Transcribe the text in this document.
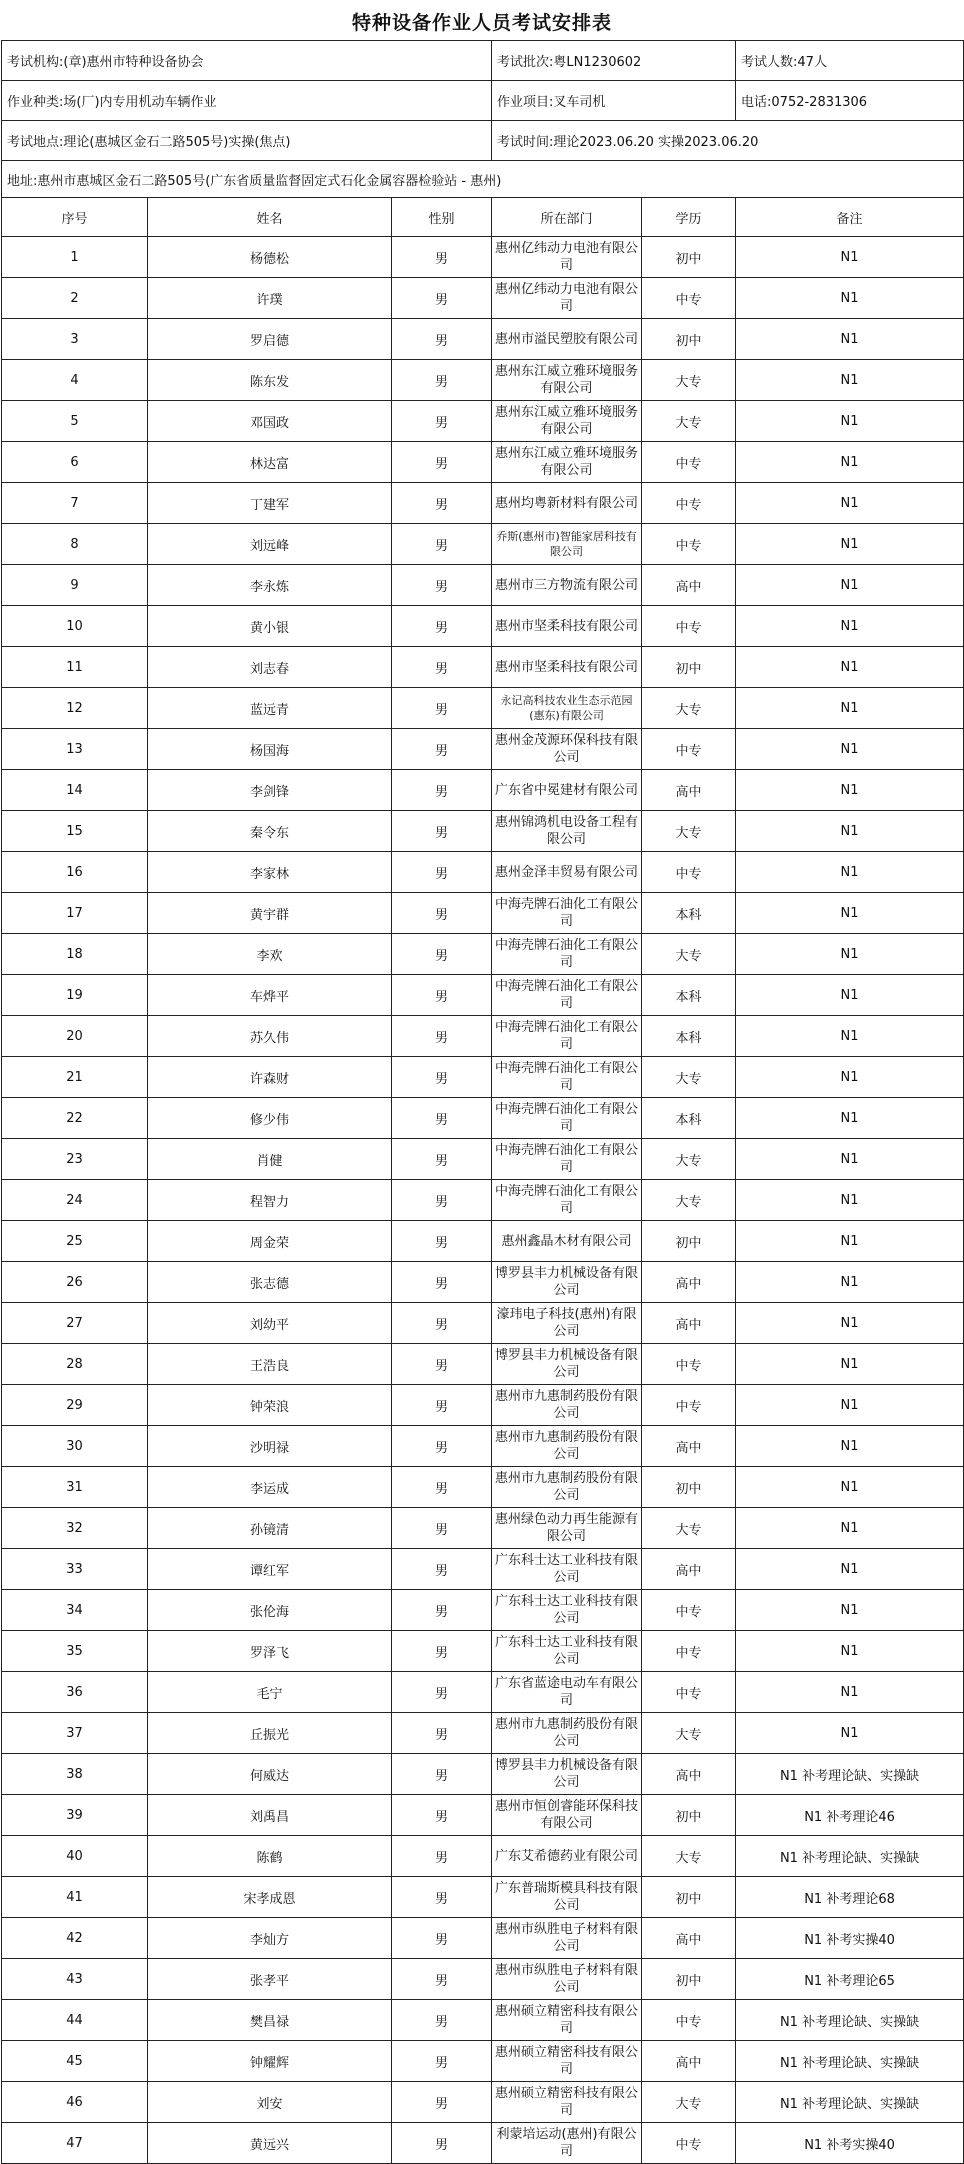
特种设备作业人员考试安排表
考试机构:(章)惠州市特种设备协会			考试批次:粤LN1230602		考试人数:47人
作业种类:场(厂)内专用机动车辆作业			作业项目:叉车司机		电话:0752-2831306
考试地点:理论(惠城区金石二路505号)实操(焦点)			考试时间:理论2023.06.20 实操2023.06.20		
地址:惠州市惠城区金石二路505号(广东省质量监督固定式石化金属容器检验站 - 惠州)					
序号	姓名	性别	所在部门	学历	备注
1	杨德松	男	惠州亿纬动力电池有限公司	初中	N1
2	许璞	男	惠州亿纬动力电池有限公司	中专	N1
3	罗启德	男	惠州市溢民塑胶有限公司	初中	N1
4	陈东发	男	惠州东江威立雅环境服务有限公司	大专	N1
5	邓国政	男	惠州东江威立雅环境服务有限公司	大专	N1
6	林达富	男	惠州东江威立雅环境服务有限公司	中专	N1
7	丁建军	男	惠州均粤新材料有限公司	中专	N1
8	刘远峰	男	乔斯(惠州市)智能家居科技有限公司	中专	N1
9	李永炼	男	惠州市三方物流有限公司	高中	N1
10	黄小银	男	惠州市坚柔科技有限公司	中专	N1
11	刘志春	男	惠州市坚柔科技有限公司	初中	N1
12	蓝远青	男	永记高科技农业生态示范园(惠东)有限公司	大专	N1
13	杨国海	男	惠州金茂源环保科技有限公司	中专	N1
14	李剑锋	男	广东省中冕建材有限公司	高中	N1
15	秦令东	男	惠州锦鸿机电设备工程有限公司	大专	N1
16	李家林	男	惠州金泽丰贸易有限公司	中专	N1
17	黄宇群	男	中海壳牌石油化工有限公司	本科	N1
18	李欢	男	中海壳牌石油化工有限公司	大专	N1
19	车烨平	男	中海壳牌石油化工有限公司	本科	N1
20	苏久伟	男	中海壳牌石油化工有限公司	本科	N1
21	许森财	男	中海壳牌石油化工有限公司	大专	N1
22	修少伟	男	中海壳牌石油化工有限公司	本科	N1
23	肖健	男	中海壳牌石油化工有限公司	大专	N1
24	程智力	男	中海壳牌石油化工有限公司	大专	N1
25	周金荣	男	惠州鑫晶木材有限公司	初中	N1
26	张志德	男	博罗县丰力机械设备有限公司	高中	N1
27	刘幼平	男	濠玮电子科技(惠州)有限公司	高中	N1
28	王浩良	男	博罗县丰力机械设备有限公司	中专	N1
29	钟荣浪	男	惠州市九惠制药股份有限公司	中专	N1
30	沙明禄	男	惠州市九惠制药股份有限公司	高中	N1
31	李运成	男	惠州市九惠制药股份有限公司	初中	N1
32	孙镜清	男	惠州绿色动力再生能源有限公司	大专	N1
33	谭红军	男	广东科士达工业科技有限公司	高中	N1
34	张伦海	男	广东科士达工业科技有限公司	中专	N1
35	罗泽飞	男	广东科士达工业科技有限公司	中专	N1
36	毛宁	男	广东省蓝途电动车有限公司	中专	N1
37	丘振光	男	惠州市九惠制药股份有限公司	大专	N1
38	何威达	男	博罗县丰力机械设备有限公司	高中	N1 补考理论缺、实操缺
39	刘禹昌	男	惠州市恒创睿能环保科技有限公司	初中	N1 补考理论46
40	陈鹤	男	广东艾希德药业有限公司	大专	N1 补考理论缺、实操缺
41	宋孝成恩	男	广东普瑞斯模具科技有限公司	初中	N1 补考理论68
42	李灿方	男	惠州市纵胜电子材料有限公司	高中	N1 补考实操40
43	张孝平	男	惠州市纵胜电子材料有限公司	初中	N1 补考理论65
44	樊昌禄	男	惠州硕立精密科技有限公司	中专	N1 补考理论缺、实操缺
45	钟耀辉	男	惠州硕立精密科技有限公司	高中	N1 补考理论缺、实操缺
46	刘安	男	惠州硕立精密科技有限公司	大专	N1 补考理论缺、实操缺
47	黄远兴	男	利蒙培运动(惠州)有限公司	中专	N1 补考实操40
